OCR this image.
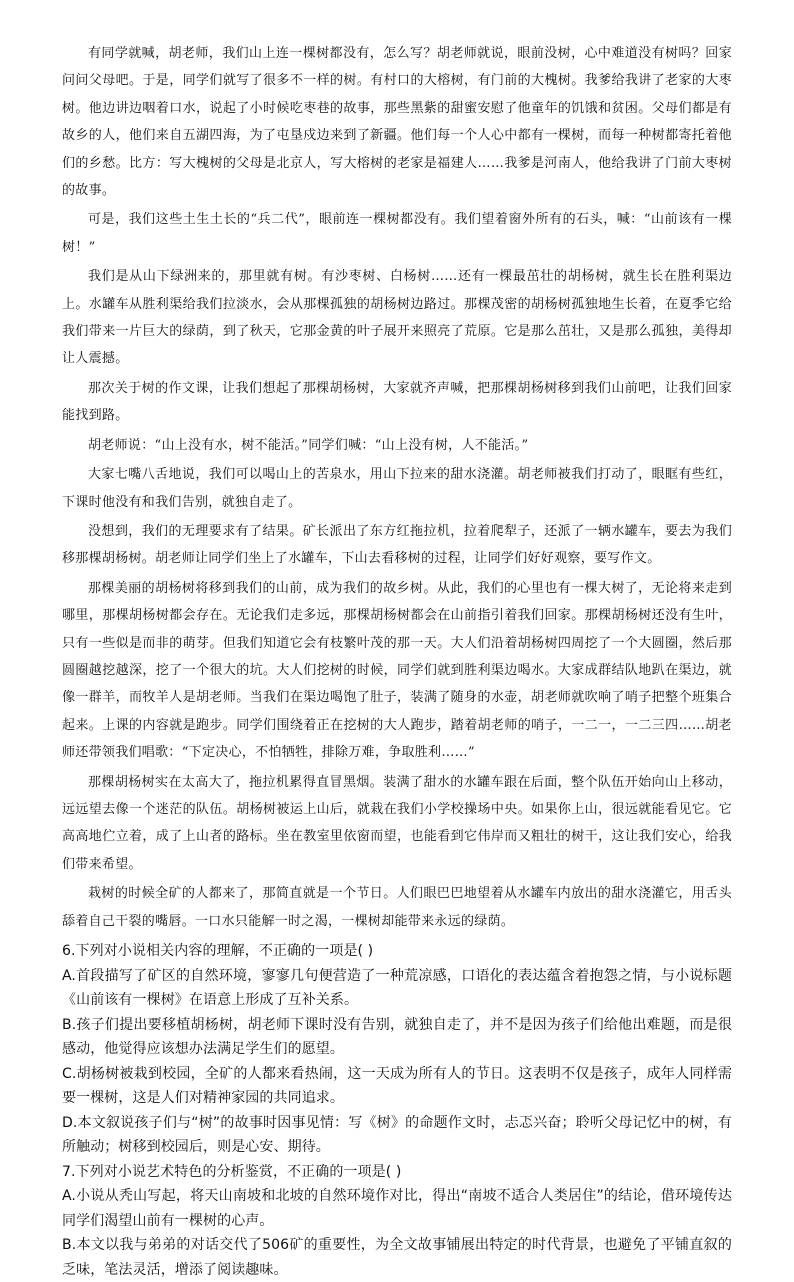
有同学就喊，胡老师，我们山上连一棵树都没有，怎么写？胡老师就说，眼前没树，心中难道没有树吗？回家问问父母吧。于是，同学们就写了很多不一样的树。有村口的大榕树，有门前的大槐树。我爹给我讲了老家的大枣树。他边讲边咽着口水，说起了小时候吃枣巷的故事，那些黑紫的甜蜜安慰了他童年的饥饿和贫困。父母们都是有故乡的人，他们来自五湖四海，为了屯垦戍边来到了新疆。他们每一个人心中都有一棵树，而每一种树都寄托着他们的乡愁。比方：写大槐树的父母是北京人，写大榕树的老家是福建人……我爹是河南人，他给我讲了门前大枣树的故事。

可是，我们这些土生土长的“兵二代”，眼前连一棵树都没有。我们望着窗外所有的石头，喊：“山前该有一棵树！”

我们是从山下绿洲来的，那里就有树。有沙枣树、白杨树……还有一棵最茁壮的胡杨树，就生长在胜利渠边上。水罐车从胜利渠给我们拉淡水，会从那棵孤独的胡杨树边路过。那棵茂密的胡杨树孤独地生长着，在夏季它给我们带来一片巨大的绿荫，到了秋天，它那金黄的叶子展开来照亮了荒原。它是那么茁壮，又是那么孤独，美得却让人震撼。

那次关于树的作文课，让我们想起了那棵胡杨树，大家就齐声喊，把那棵胡杨树移到我们山前吧，让我们回家能找到路。

胡老师说：“山上没有水，树不能活。”同学们喊：“山上没有树，人不能活。”

大家七嘴八舌地说，我们可以喝山上的苦泉水，用山下拉来的甜水浇灌。胡老师被我们打动了，眼眶有些红，下课时他没有和我们告别，就独自走了。

没想到，我们的无理要求有了结果。矿长派出了东方红拖拉机，拉着爬犁子，还派了一辆水罐车，要去为我们移那棵胡杨树。胡老师让同学们坐上了水罐车，下山去看移树的过程，让同学们好好观察，要写作文。

那棵美丽的胡杨树将移到我们的山前，成为我们的故乡树。从此，我们的心里也有一棵大树了，无论将来走到哪里，那棵胡杨树都会存在。无论我们走多远，那棵胡杨树都会在山前指引着我们回家。那棵胡杨树还没有生叶，只有一些似是而非的萌芽。但我们知道它会有枝繁叶茂的那一天。大人们沿着胡杨树四周挖了一个大圆圈，然后那圆圈越挖越深，挖了一个很大的坑。大人们挖树的时候，同学们就到胜利渠边喝水。大家成群结队地趴在渠边，就像一群羊，而牧羊人是胡老师。当我们在渠边喝饱了肚子，装满了随身的水壶，胡老师就吹响了哨子把整个班集合起来。上课的内容就是跑步。同学们围绕着正在挖树的大人跑步，踏着胡老师的哨子，一二一，一二三四……胡老师还带领我们唱歌：“下定决心，不怕牺牲，排除万难，争取胜利……”

那棵胡杨树实在太高大了，拖拉机累得直冒黑烟。装满了甜水的水罐车跟在后面，整个队伍开始向山上移动，远远望去像一个迷茫的队伍。胡杨树被运上山后，就栽在我们小学校操场中央。如果你上山，很远就能看见它。它高高地伫立着，成了上山者的路标。坐在教室里依窗而望，也能看到它伟岸而又粗壮的树干，这让我们安心，给我们带来希望。

栽树的时候全矿的人都来了，那简直就是一个节日。人们眼巴巴地望着从水罐车内放出的甜水浇灌它，用舌头舔着自己干裂的嘴唇。一口水只能解一时之渴，一棵树却能带来永远的绿荫。

6.下列对小说相关内容的理解，不正确的一项是( )

A.首段描写了矿区的自然环境，寥寥几句便营造了一种荒凉感，口语化的表达蕴含着抱怨之情，与小说标题《山前该有一棵树》在语意上形成了互补关系。

B.孩子们提出要移植胡杨树，胡老师下课时没有告别，就独自走了，并不是因为孩子们给他出难题，而是很感动，他觉得应该想办法满足学生们的愿望。

C.胡杨树被栽到校园，全矿的人都来看热闹，这一天成为所有人的节日。这表明不仅是孩子，成年人同样需要一棵树，这是人们对精神家园的共同追求。

D.本文叙说孩子们与“树”的故事时因事见情：写《树》的命题作文时，忐忑兴奋；聆听父母记忆中的树，有所触动；树移到校园后，则是心安、期待。

7.下列对小说艺术特色的分析鉴赏，不正确的一项是( )

A.小说从秃山写起，将天山南坡和北坡的自然环境作对比，得出“南坡不适合人类居住”的结论，借环境传达同学们渴望山前有一棵树的心声。

B.本文以我与弟弟的对话交代了506矿的重要性，为全文故事铺展出特定的时代背景，也避免了平铺直叙的乏味，笔法灵活，增添了阅读趣味。
